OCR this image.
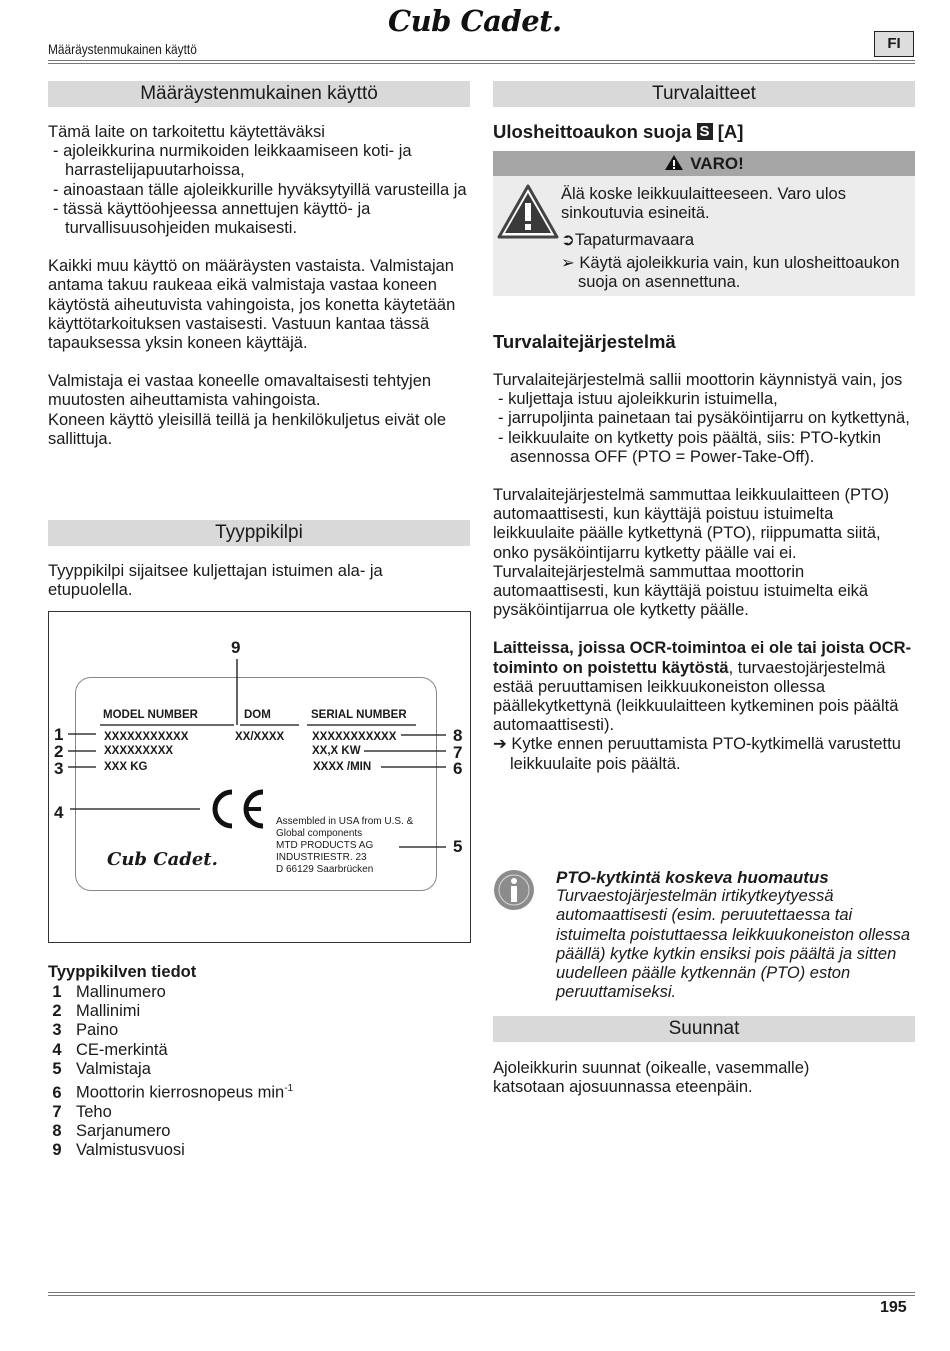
Cub Cadet.
Määräystenmukainen käyttö	FI
Määräystenmukainen käyttö
Tämä laite on tarkoitettu käytettäväksi
- ajoleikkurina nurmikoiden leikkaamiseen koti- ja harrastelijapuutarhoissa,
- ainoastaan tälle ajoleikkurille hyväksytyillä varusteilla ja
- tässä käyttöohjeessa annettujen käyttö- ja turvallisuusohjeiden mukaisesti.
Kaikki muu käyttö on määräysten vastaista. Valmistajan antama takuu raukeaa eikä valmistaja vastaa koneen käytöstä aiheutuvista vahingoista, jos konetta käytetään käyttötarkoituksen vastaisesti. Vastuun kantaa tässä tapauksessa yksin koneen käyttäjä.
Valmistaja ei vastaa koneelle omavaltaisesti tehtyjen muutosten aiheuttamista vahingoista.
Koneen käyttö yleisillä teillä ja henkilökuljetus eivät ole sallittuja.
Tyyppikilpi
Tyyppikilpi sijaitsee kuljettajan istuimen ala- ja etupuolella.
9
MODEL NUMBER	DOM	SERIAL NUMBER
1
2
3
XXXXXXXXXXX	XX/XXXX XXXXXXXXXXX
XXXXXXXXX	XX,X KW
XXX KG	XXXX /MIN
8
7
6
4
5
Assembled in USA from U.S. &
Global components
MTD PRODUCTS AG
INDUSTRIESTR. 23
D 66129 Saarbrücken
Cub Cadet.
Tyyppikilven tiedot
1 Mallinumero
2 Mallinimi
3 Paino
4 CE-merkintä
5 Valmistaja
6 Moottorin kierrosnopeus $\min^{-1}$
7 Teho
8 Sarjanumero
9 Valmistusvuosi
Turvalaitteet
Ulosheittoaukon suoja S [A]
VARO!
Älä koske leikkuulaitteeseen. Varo ulos sinkoutuvia esineitä.
➲Tapaturmavaara
➢ Käytä ajoleikkuria vain, kun ulosheittoaukon suoja on asennettuna.
Turvalaitejärjestelmä
Turvalaitejärjestelmä sallii moottorin käynnistyä vain, jos
- kuljettaja istuu ajoleikkurin istuimella,
- jarrupoljinta painetaan tai pysäköintijarru on kytkettynä,
- leikkuulaite on kytketty pois päältä, siis: PTO-kytkin asennossa OFF (PTO = Power-Take-Off).
Turvalaitejärjestelmä sammuttaa leikkuulaitteen (PTO) automaattisesti, kun käyttäjä poistuu istuimelta leikkuulaite päälle kytkettynä (PTO), riippumatta siitä, onko pysäköintijarru kytketty päälle vai ei.
Turvalaitejärjestelmä sammuttaa moottorin automaattisesti, kun käyttäjä poistuu istuimelta eikä pysäköintijarrua ole kytketty päälle.
Laitteissa, joissa OCR-toimintoa ei ole tai joista OCR-toiminto on poistettu käytöstä, turvaestojärjestelmä estää peruuttamisen leikkuukoneiston ollessa päällekytkettynä (leikkuulaitteen kytkeminen pois päältä automaattisesti).
➔ Kytke ennen peruuttamista PTO-kytkimellä varustettu leikkuulaite pois päältä.
PTO-kytkintä koskeva huomautus
Turvaestojärjestelmän irtikytkeytyessä automaattisesti (esim. peruutettaessa tai istuimelta poistuttaessa leikkuukoneiston ollessa päällä) kytke kytkin ensiksi pois päältä ja sitten uudelleen päälle kytkennän (PTO) eston peruuttamiseksi.
Suunnat
Ajoleikkurin suunnat (oikealle, vasemmalle) katsotaan ajosuunnassa eteenpäin.
195
